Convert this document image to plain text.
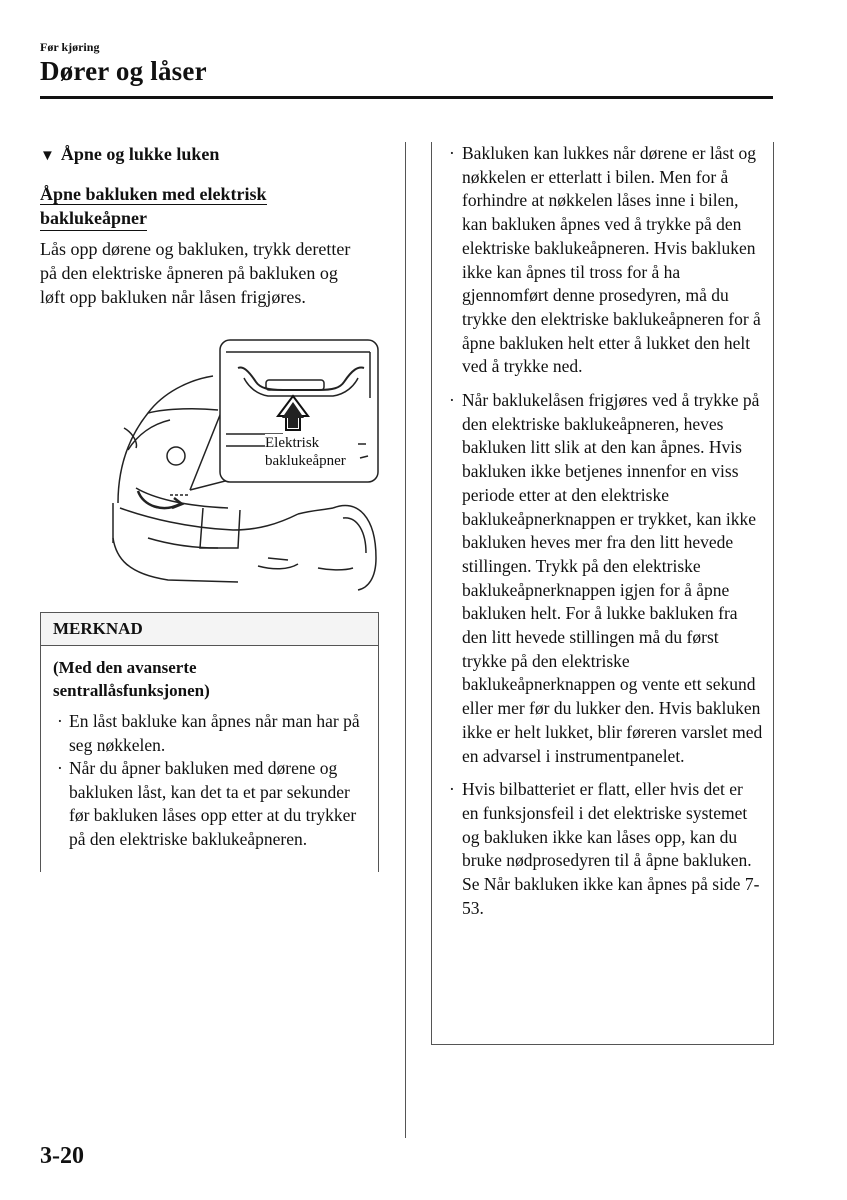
Før kjøring
Dører og låser
▼ Åpne og lukke luken
Åpne bakluken med elektrisk
baklukeåpner
Lås opp dørene og bakluken, trykk deretter på den elektriske åpneren på bakluken og løft opp bakluken når låsen frigjøres.
Elektrisk
baklukeåpner
MERKNAD
(Med den avanserte
sentrallåsfunksjonen)
· En låst bakluke kan åpnes når man har på seg nøkkelen.
· Når du åpner bakluken med dørene og bakluken låst, kan det ta et par sekunder før bakluken låses opp etter at du trykker på den elektriske baklukeåpneren.
· Bakluken kan lukkes når dørene er låst og nøkkelen er etterlatt i bilen. Men for å forhindre at nøkkelen låses inne i bilen, kan bakluken åpnes ved å trykke på den elektriske baklukeåpneren. Hvis bakluken ikke kan åpnes til tross for å ha gjennomført denne prosedyren, må du trykke den elektriske baklukeåpneren for å åpne bakluken helt etter å lukket den helt ved å trykke ned.
· Når baklukelåsen frigjøres ved å trykke på den elektriske baklukeåpneren, heves bakluken litt slik at den kan åpnes. Hvis bakluken ikke betjenes innenfor en viss periode etter at den elektriske baklukeåpnerknappen er trykket, kan ikke bakluken heves mer fra den litt hevede stillingen. Trykk på den elektriske baklukeåpnerknappen igjen for å åpne bakluken helt. For å lukke bakluken fra den litt hevede stillingen må du først trykke på den elektriske baklukeåpnerknappen og vente ett sekund eller mer før du lukker den. Hvis bakluken ikke er helt lukket, blir føreren varslet med en advarsel i instrumentpanelet.
· Hvis bilbatteriet er flatt, eller hvis det er en funksjonsfeil i det elektriske systemet og bakluken ikke kan låses opp, kan du bruke nødprosedyren til å åpne bakluken.
Se Når bakluken ikke kan åpnes på side 7-53.
3-20
